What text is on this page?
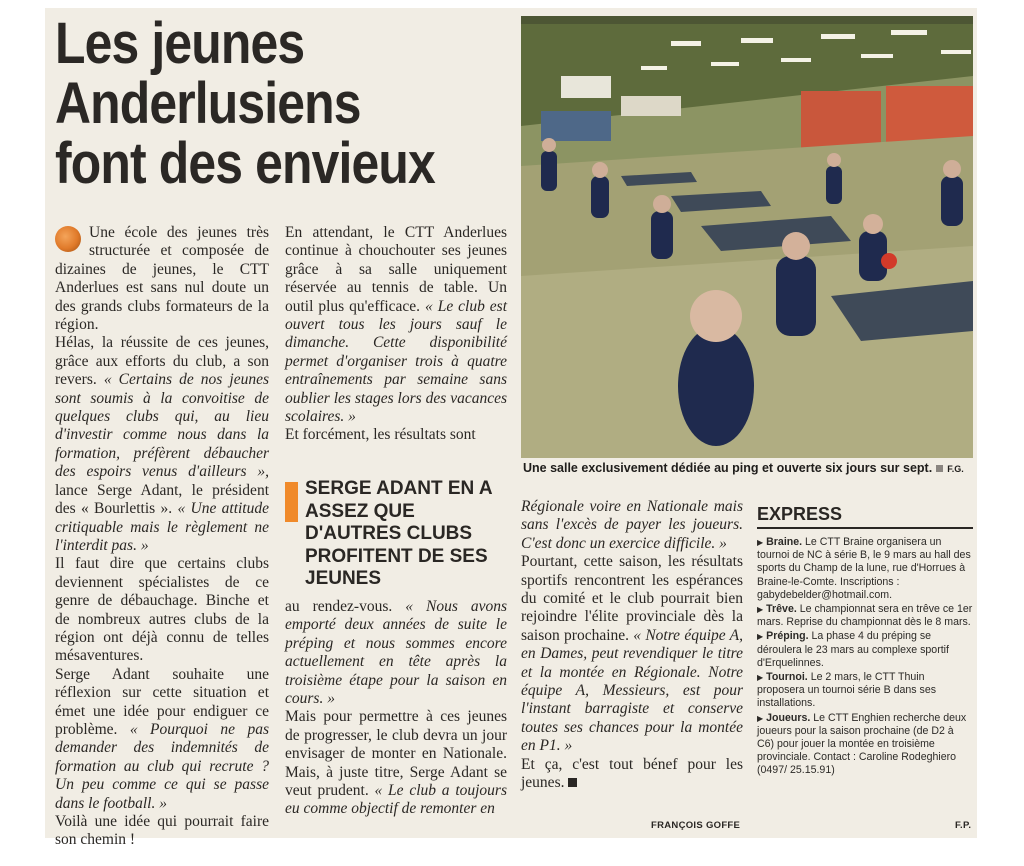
Les jeunes
Anderlusiens
font des envieux

Une école des jeunes très structurée et composée de dizaines de jeunes, le CTT Anderlues est sans nul doute un des grands clubs formateurs de la région.

Hélas, la réussite de ces jeunes, grâce aux efforts du club, a son revers. « Certains de nos jeunes sont soumis à la convoitise de quelques clubs qui, au lieu d'investir comme nous dans la formation, préfèrent débaucher des espoirs venus d'ailleurs », lance Serge Adant, le président des « Bourlettis ». « Une attitude critiquable mais le règlement ne l'interdit pas. »

Il faut dire que certains clubs deviennent spécialistes de ce genre de débauchage. Binche et de nombreux autres clubs de la région ont déjà connu de telles mésaventures.

Serge Adant souhaite une réflexion sur cette situation et émet une idée pour endiguer ce problème. « Pourquoi ne pas demander des indemnités de formation au club qui recrute ? Un peu comme ce qui se passe dans le football. »

Voilà une idée qui pourrait faire son chemin !

En attendant, le CTT Anderlues continue à chouchouter ses jeunes grâce à sa salle uniquement réservée au tennis de table. Un outil plus qu'efficace. « Le club est ouvert tous les jours sauf le dimanche. Cette disponibilité permet d'organiser trois à quatre entraînements par semaine sans oublier les stages lors des vacances scolaires. »

Et forcément, les résultats sont

SERGE ADANT EN A ASSEZ QUE D'AUTRES CLUBS PROFITENT DE SES JEUNES

au rendez-vous. « Nous avons emporté deux années de suite le préping et nous sommes encore actuellement en tête après la troisième étape pour la saison en cours. »

Mais pour permettre à ces jeunes de progresser, le club devra un jour envisager de monter en Nationale. Mais, à juste titre, Serge Adant se veut prudent. « Le club a toujours eu comme objectif de remonter en

Une salle exclusivement dédiée au ping et ouverte six jours sur sept. F.G.

Régionale voire en Nationale mais sans l'excès de payer les joueurs. C'est donc un exercice difficile. »

Pourtant, cette saison, les résultats sportifs rencontrent les espérances du comité et le club pourrait bien rejoindre l'élite provinciale dès la saison prochaine. « Notre équipe A, en Dames, peut revendiquer le titre et la montée en Régionale. Notre équipe A, Messieurs, est pour l'instant barragiste et conserve toutes ses chances pour la montée en P1. »

Et ça, c'est tout bénef pour les jeunes.

FRANÇOIS GOFFE
EXPRESS

▶ Braine. Le CTT Braine organisera un tournoi de NC à série B, le 9 mars au hall des sports du Champ de la lune, rue d'Horrues à Braine-le-Comte. Inscriptions : gabydebelder@hotmail.com.

▶ Trêve. Le championnat sera en trêve ce 1er mars. Reprise du championnat dès le 8 mars.

▶ Préping. La phase 4 du préping se déroulera le 23 mars au complexe sportif d'Erquelinnes.

▶ Tournoi. Le 2 mars, le CTT Thuin proposera un tournoi série B dans ses installations.

▶ Joueurs. Le CTT Enghien recherche deux joueurs pour la saison prochaine (de D2 à C6) pour jouer la montée en troisième provinciale. Contact : Caroline Rodeghiero (0497/ 25.15.91)

F.P.
